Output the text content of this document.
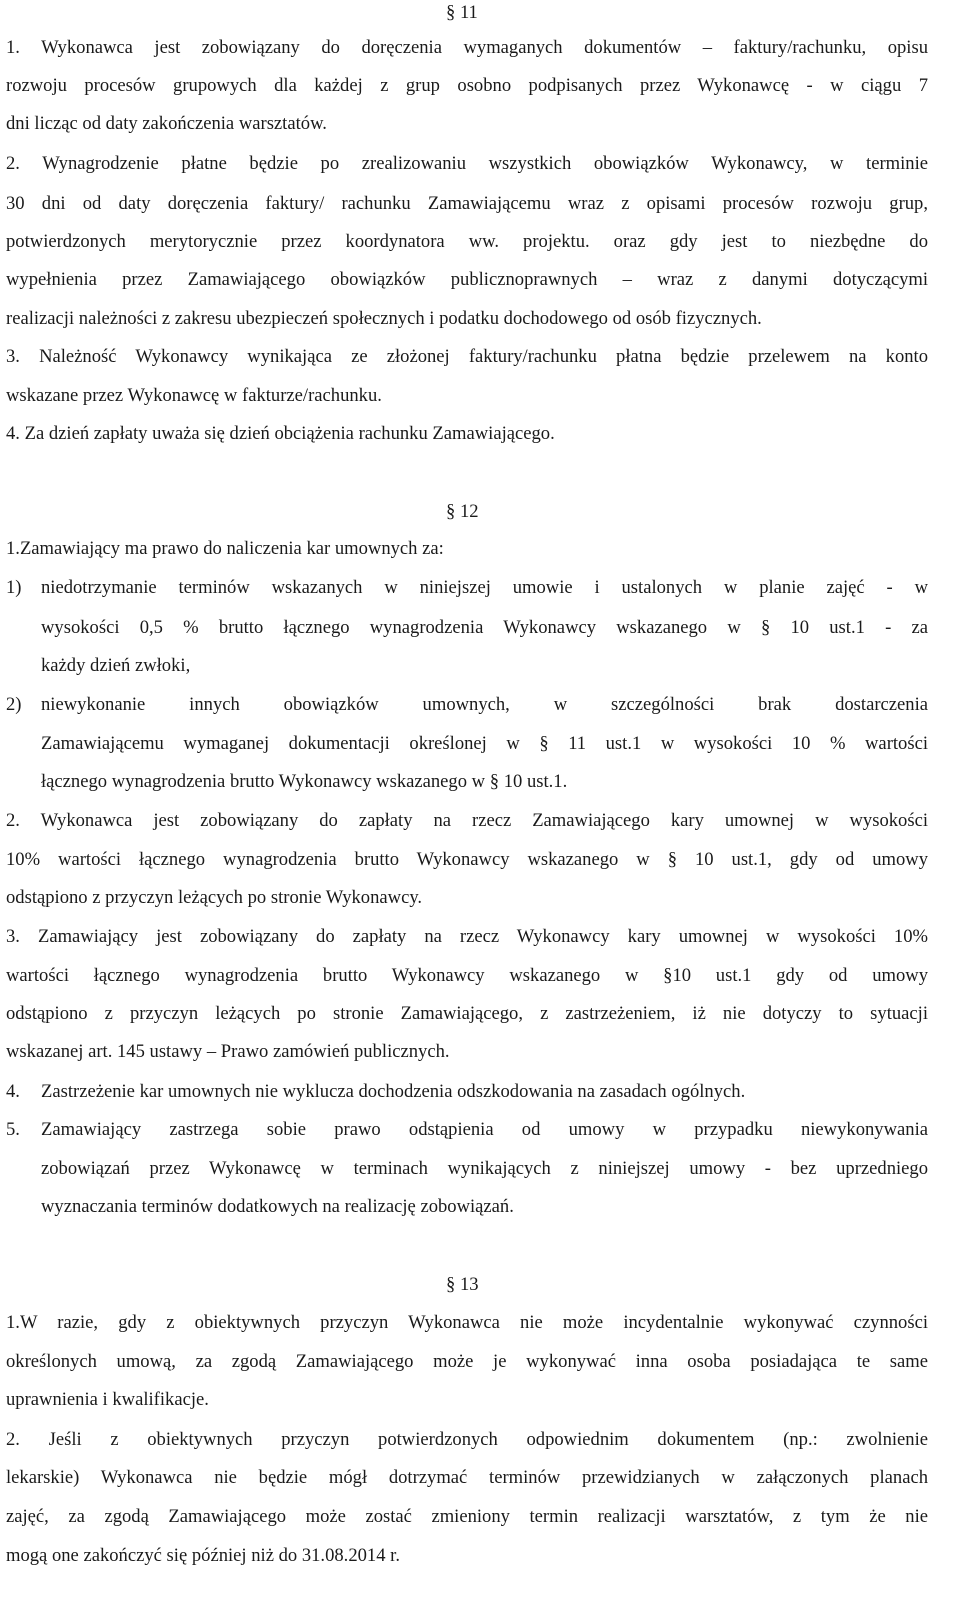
§ 11
1. Wykonawca jest zobowiązany do doręczenia wymaganych dokumentów – faktury/rachunku, opisu
rozwoju procesów grupowych dla każdej z grup osobno podpisanych przez Wykonawcę - w ciągu 7
dni licząc od daty zakończenia warsztatów.
2. Wynagrodzenie płatne będzie po zrealizowaniu wszystkich obowiązków Wykonawcy, w terminie
30 dni od daty doręczenia faktury/ rachunku Zamawiającemu wraz z opisami procesów rozwoju grup,
potwierdzonych merytorycznie przez koordynatora ww. projektu. oraz gdy jest to niezbędne do
wypełnienia przez Zamawiającego obowiązków publicznoprawnych – wraz z danymi dotyczącymi
realizacji należności z zakresu ubezpieczeń społecznych i podatku dochodowego od osób fizycznych.
3. Należność Wykonawcy wynikająca ze złożonej faktury/rachunku płatna będzie przelewem na konto
wskazane przez Wykonawcę w fakturze/rachunku.
4. Za dzień zapłaty uważa się dzień obciążenia rachunku Zamawiającego.
§ 12
1.Zamawiający ma prawo do naliczenia kar umownych za:
1) niedotrzymanie terminów wskazanych w niniejszej umowie i ustalonych w planie zajęć - w
wysokości 0,5 % brutto łącznego wynagrodzenia Wykonawcy wskazanego w § 10 ust.1 - za
każdy dzień zwłoki,
2) niewykonanie innych obowiązków umownych, w szczególności brak dostarczenia
Zamawiającemu wymaganej dokumentacji określonej w § 11 ust.1 w wysokości 10 % wartości
łącznego wynagrodzenia brutto Wykonawcy wskazanego w § 10 ust.1.
2. Wykonawca jest zobowiązany do zapłaty na rzecz Zamawiającego kary umownej w wysokości
10% wartości łącznego wynagrodzenia brutto Wykonawcy wskazanego w § 10 ust.1, gdy od umowy
odstąpiono z przyczyn leżących po stronie Wykonawcy.
3. Zamawiający jest zobowiązany do zapłaty na rzecz Wykonawcy kary umownej w wysokości 10%
wartości łącznego wynagrodzenia brutto Wykonawcy wskazanego w §10 ust.1 gdy od umowy
odstąpiono z przyczyn leżących po stronie Zamawiającego, z zastrzeżeniem, iż nie dotyczy to sytuacji
wskazanej art. 145 ustawy – Prawo zamówień publicznych.
4. Zastrzeżenie kar umownych nie wyklucza dochodzenia odszkodowania na zasadach ogólnych.
5. Zamawiający zastrzega sobie prawo odstąpienia od umowy w przypadku niewykonywania
zobowiązań przez Wykonawcę w terminach wynikających z niniejszej umowy - bez uprzedniego
wyznaczania terminów dodatkowych na realizację zobowiązań.
§ 13
1.W razie, gdy z obiektywnych przyczyn Wykonawca nie może incydentalnie wykonywać czynności
określonych umową, za zgodą Zamawiającego może je wykonywać inna osoba posiadająca te same
uprawnienia i kwalifikacje.
2. Jeśli z obiektywnych przyczyn potwierdzonych odpowiednim dokumentem (np.: zwolnienie
lekarskie) Wykonawca nie będzie mógł dotrzymać terminów przewidzianych w załączonych planach
zajęć, za zgodą Zamawiającego może zostać zmieniony termin realizacji warsztatów, z tym że nie
mogą one zakończyć się później niż do 31.08.2014 r.
